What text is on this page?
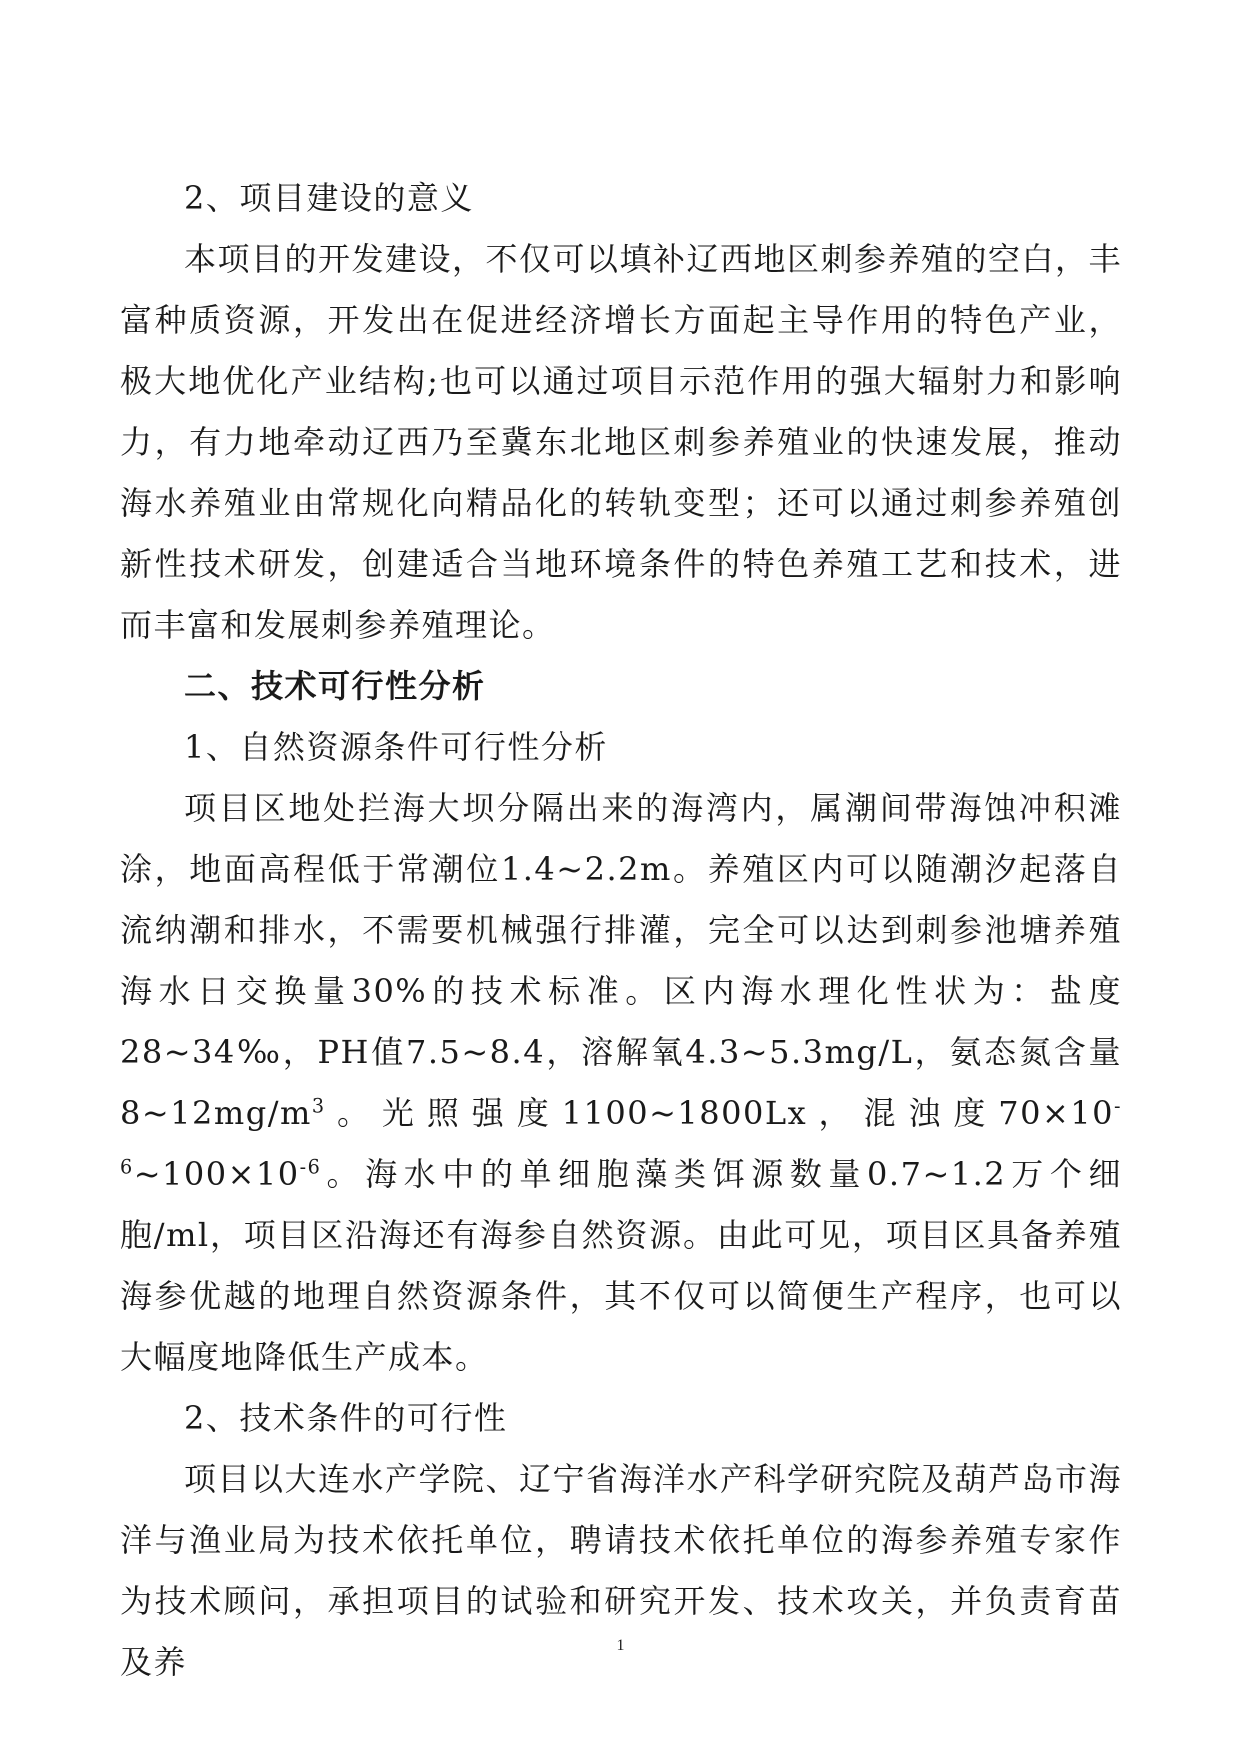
2、项目建设的意义

本项目的开发建设，不仅可以填补辽西地区刺参养殖的空白，丰富种质资源，开发出在促进经济增长方面起主导作用的特色产业，极大地优化产业结构;也可以通过项目示范作用的强大辐射力和影响力，有力地牵动辽西乃至冀东北地区刺参养殖业的快速发展，推动海水养殖业由常规化向精品化的转轨变型；还可以通过刺参养殖创新性技术研发，创建适合当地环境条件的特色养殖工艺和技术，进而丰富和发展刺参养殖理论。

二、技术可行性分析

1、自然资源条件可行性分析

项目区地处拦海大坝分隔出来的海湾内，属潮间带海蚀冲积滩涂，地面高程低于常潮位1.4~2.2m。养殖区内可以随潮汐起落自流纳潮和排水，不需要机械强行排灌，完全可以达到刺参池塘养殖海水日交换量30%的技术标准。区内海水理化性状为：盐度28~34‰，PH值7.5~8.4，溶解氧4.3~5.3mg/L，氨态氮含量$8\sim 12mg/m^3$。光照强度1100~1800Lx，混浊度$70\times 10^{-6}\sim 100\times 10^{-6}$。海水中的单细胞藻类饵源数量0.7~1.2万个细胞/ml，项目区沿海还有海参自然资源。由此可见，项目区具备养殖海参优越的地理自然资源条件，其不仅可以简便生产程序，也可以大幅度地降低生产成本。

2、技术条件的可行性

项目以大连水产学院、辽宁省海洋水产科学研究院及葫芦岛市海洋与渔业局为技术依托单位，聘请技术依托单位的海参养殖专家作为技术顾问，承担项目的试验和研究开发、技术攻关，并负责育苗及养	1
